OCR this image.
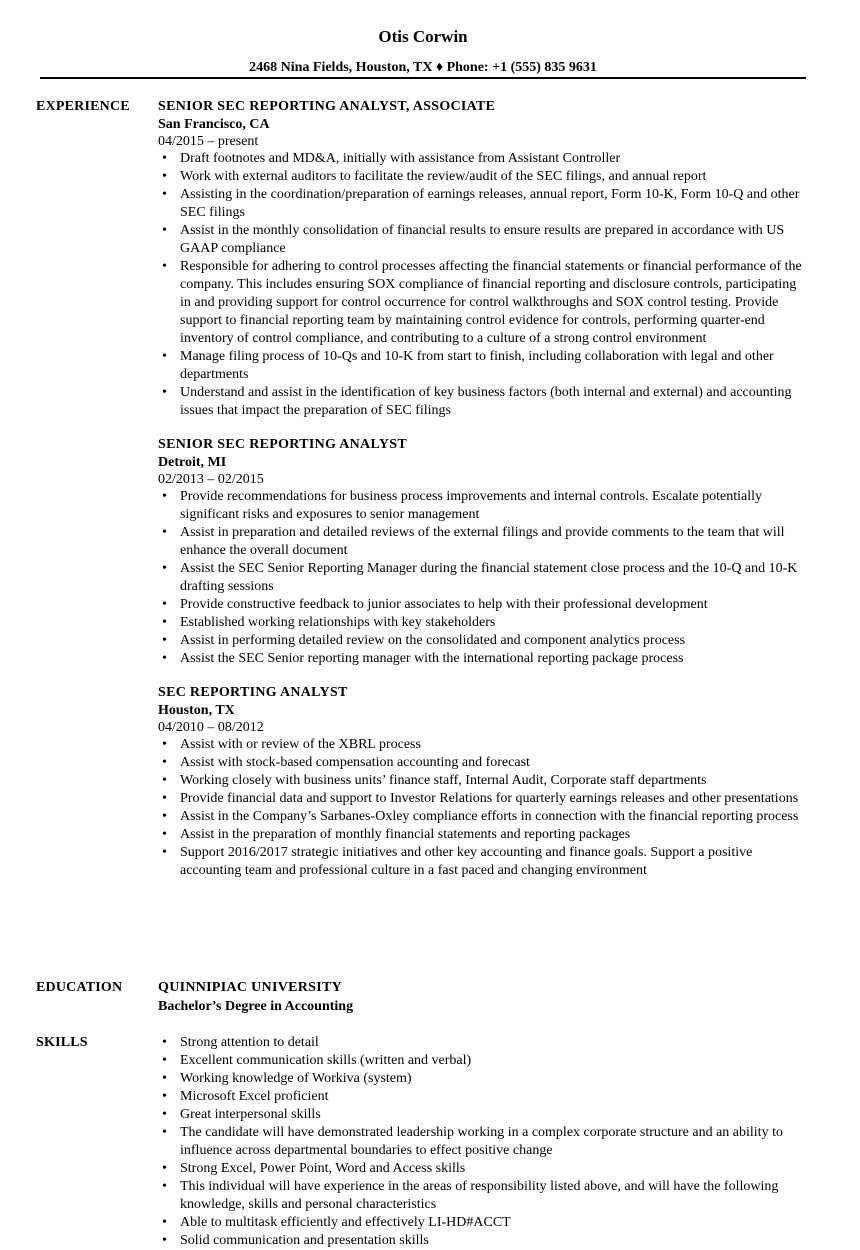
Otis Corwin
2468 Nina Fields, Houston, TX ♦ Phone: +1 (555) 835 9631
EXPERIENCE SENIOR SEC REPORTING ANALYST, ASSOCIATE
San Francisco, CA
04/2015 – present
• Draft footnotes and MD&A, initially with assistance from Assistant Controller
• Work with external auditors to facilitate the review/audit of the SEC filings, and annual report
• Assisting in the coordination/preparation of earnings releases, annual report, Form 10-K, Form 10-Q and other SEC filings
• Assist in the monthly consolidation of financial results to ensure results are prepared in accordance with US GAAP compliance
• Responsible for adhering to control processes affecting the financial statements or financial performance of the company. This includes ensuring SOX compliance of financial reporting and disclosure controls, participating in and providing support for control occurrence for control walkthroughs and SOX control testing. Provide support to financial reporting team by maintaining control evidence for controls, performing quarter-end inventory of control compliance, and contributing to a culture of a strong control environment
• Manage filing process of 10-Qs and 10-K from start to finish, including collaboration with legal and other departments
• Understand and assist in the identification of key business factors (both internal and external) and accounting issues that impact the preparation of SEC filings
SENIOR SEC REPORTING ANALYST
Detroit, MI
02/2013 – 02/2015
• Provide recommendations for business process improvements and internal controls. Escalate potentially significant risks and exposures to senior management
• Assist in preparation and detailed reviews of the external filings and provide comments to the team that will enhance the overall document
• Assist the SEC Senior Reporting Manager during the financial statement close process and the 10-Q and 10-K drafting sessions
• Provide constructive feedback to junior associates to help with their professional development
• Established working relationships with key stakeholders
• Assist in performing detailed review on the consolidated and component analytics process
• Assist the SEC Senior reporting manager with the international reporting package process
SEC REPORTING ANALYST
Houston, TX
04/2010 – 08/2012
• Assist with or review of the XBRL process
• Assist with stock-based compensation accounting and forecast
• Working closely with business units’ finance staff, Internal Audit, Corporate staff departments
• Provide financial data and support to Investor Relations for quarterly earnings releases and other presentations
• Assist in the Company’s Sarbanes-Oxley compliance efforts in connection with the financial reporting process
• Assist in the preparation of monthly financial statements and reporting packages
• Support 2016/2017 strategic initiatives and other key accounting and finance goals. Support a positive accounting team and professional culture in a fast paced and changing environment
EDUCATION	QUINNIPIAC UNIVERSITY
Bachelor’s Degree in Accounting
SKILLS
•	Strong attention to detail
• Excellent communication skills (written and verbal)
• Working knowledge of Workiva (system)
• Microsoft Excel proficient
• Great interpersonal skills
• The candidate will have demonstrated leadership working in a complex corporate structure and an ability to influence across departmental boundaries to effect positive change
• Strong Excel, Power Point, Word and Access skills
• This individual will have experience in the areas of responsibility listed above, and will have the following knowledge, skills and personal characteristics
• Able to multitask efficiently and effectively LI-HD#ACCT
• Solid communication and presentation skills
